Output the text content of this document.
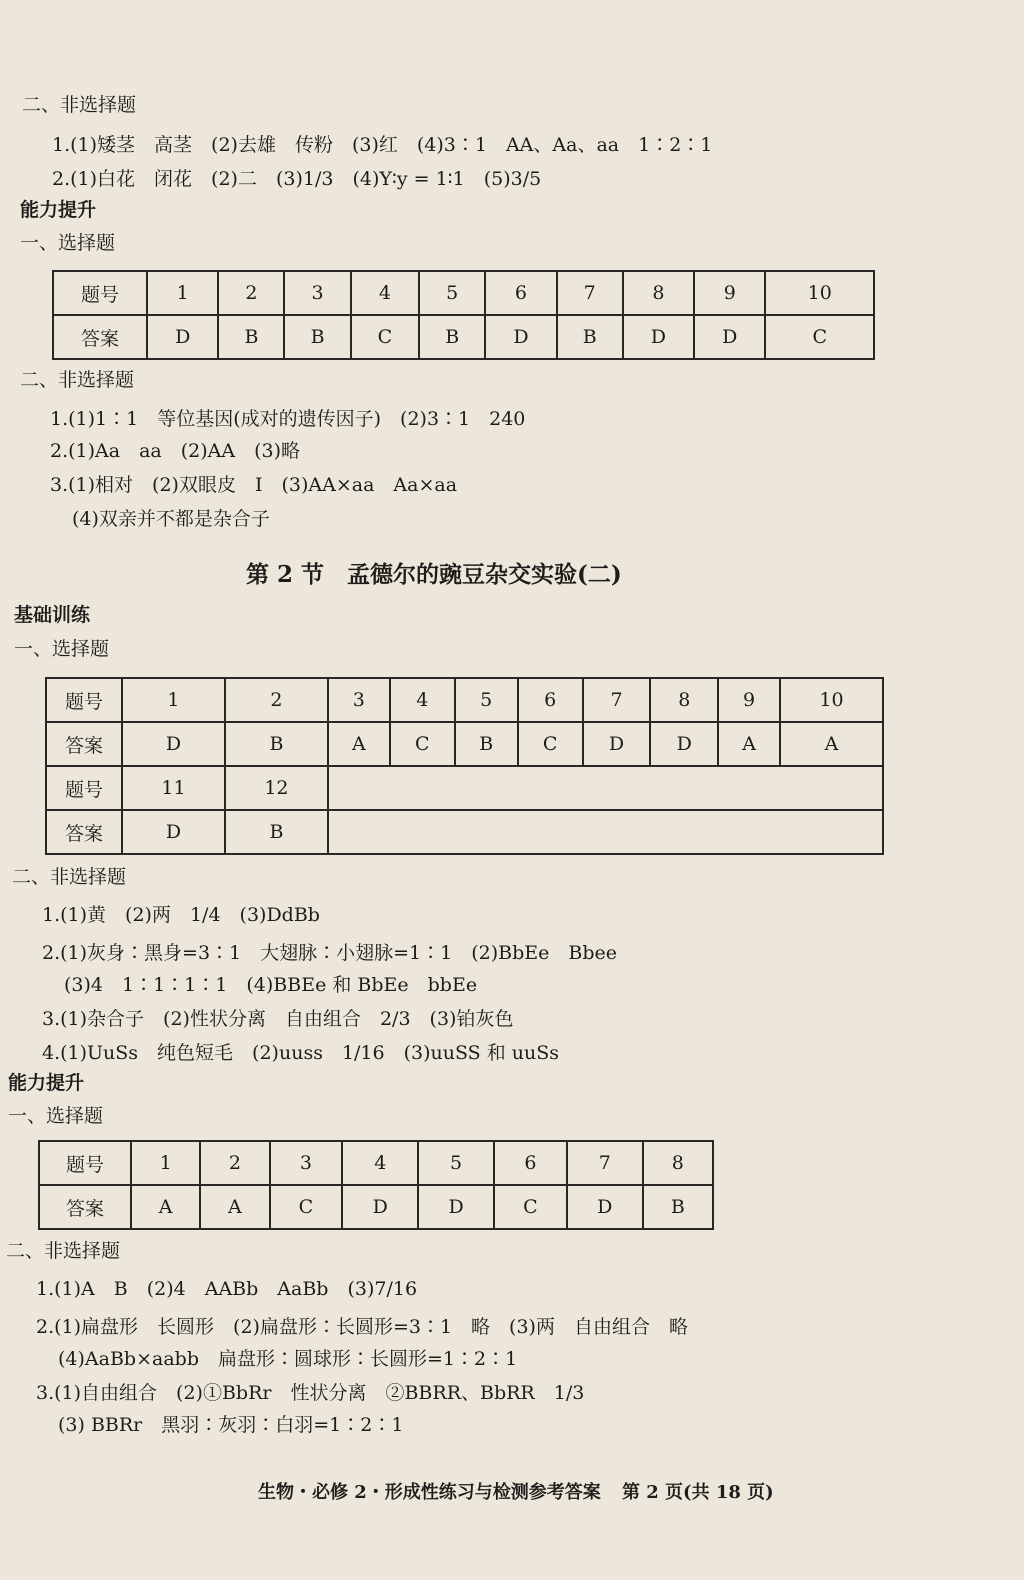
二、非选择题
1.(1)矮茎　高茎　(2)去雄　传粉　(3)红　(4)3∶1　AA、Aa、aa　1∶2∶1
2.(1)白花　闭花　(2)二　(3)1/3　(4)Y∶y = 1∶1　(5)3/5
能力提升
一、选择题
题号	1	2	3	4	5	6	7	8	9	10
答案	D	B	B	C	B	D	B	D	D	C
二、非选择题
1.(1)1∶1　等位基因(成对的遗传因子)　(2)3∶1　240
2.(1)Aa　aa　(2)AA　(3)略
3.(1)相对　(2)双眼皮　Ⅰ　(3)AA×aa　Aa×aa
(4)双亲并不都是杂合子
第 2 节　孟德尔的豌豆杂交实验(二)
基础训练
一、选择题
题号	1	2	3	4	5	6	7	8	9	10
答案	D	B	A	C	B	C	D	D	A	A
题号	11	12								
答案	D	B								
二、非选择题
1.(1)黄　(2)两　1/4　(3)DdBb
2.(1)灰身∶黑身=3∶1　大翅脉∶小翅脉=1∶1　(2)BbEe　Bbee
(3)4　1∶1∶1∶1　(4)BBEe 和 BbEe　bbEe
3.(1)杂合子　(2)性状分离　自由组合　2/3　(3)铂灰色
4.(1)UuSs　纯色短毛　(2)uuss　1/16　(3)uuSS 和 uuSs
能力提升
一、选择题
题号	1	2	3	4	5	6	7	8
答案	A	A	C	D	D	C	D	B
二、非选择题
1.(1)A　B　(2)4　AABb　AaBb　(3)7/16
2.(1)扁盘形　长圆形　(2)扁盘形∶长圆形=3∶1　略　(3)两　自由组合　略
(4)AaBb×aabb　扁盘形∶圆球形∶长圆形=1∶2∶1
3.(1)自由组合　(2)①BbRr　性状分离　②BBRR、BbRR　1/3
(3) BBRr　黑羽∶灰羽∶白羽=1∶2∶1
生物・必修 2・形成性练习与检测参考答案 第 2 页(共 18 页)
